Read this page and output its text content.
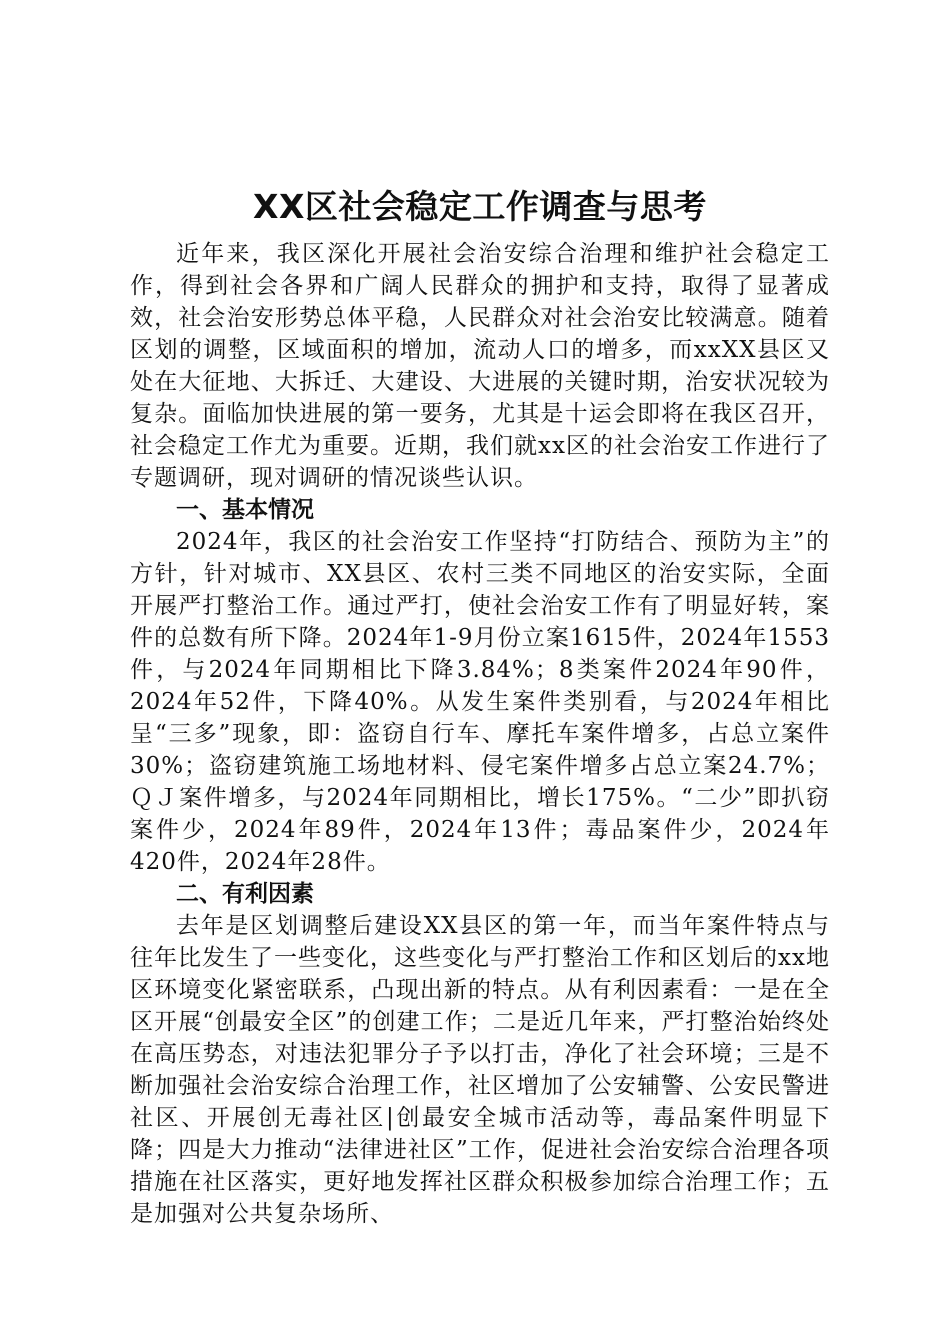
XX区社会稳定工作调查与思考

近年来，我区深化开展社会治安综合治理和维护社会稳定工作，得到社会各界和广阔人民群众的拥护和支持，取得了显著成效，社会治安形势总体平稳，人民群众对社会治安比较满意。随着区划的调整，区域面积的增加，流动人口的增多，而xxXX县区又处在大征地、大拆迁、大建设、大进展的关键时期，治安状况较为复杂。面临加快进展的第一要务，尤其是十运会即将在我区召开，社会稳定工作尤为重要。近期，我们就xx区的社会治安工作进行了专题调研，现对调研的情况谈些认识。

一、基本情况

2024年，我区的社会治安工作坚持“打防结合、预防为主”的方针，针对城市、XX县区、农村三类不同地区的治安实际，全面开展严打整治工作。通过严打，使社会治安工作有了明显好转，案件的总数有所下降。2024年1-9月份立案1615件，2024年1553件，与2024年同期相比下降3.84%；8类案件2024年90件，2024年52件，下降40%。从发生案件类别看，与2024年相比呈“三多”现象，即：盗窃自行车、摩托车案件增多，占总立案件30%；盗窃建筑施工场地材料、侵宅案件增多占总立案24.7%；ＱＪ案件增多，与2024年同期相比，增长175%。“二少”即扒窃案件少，2024年89件，2024年13件；毒品案件少，2024年420件，2024年28件。

二、有利因素

去年是区划调整后建设XX县区的第一年，而当年案件特点与往年比发生了一些变化，这些变化与严打整治工作和区划后的xx地区环境变化紧密联系，凸现出新的特点。从有利因素看：一是在全区开展“创最安全区”的创建工作；二是近几年来，严打整治始终处在高压势态，对违法犯罪分子予以打击，净化了社会环境；三是不断加强社会治安综合治理工作，社区增加了公安辅警、公安民警进社区、开展创无毒社区|创最安全城市活动等，毒品案件明显下降；四是大力推动“法律进社区”工作，促进社会治安综合治理各项措施在社区落实，更好地发挥社区群众积极参加综合治理工作；五是加强对公共复杂场所、
